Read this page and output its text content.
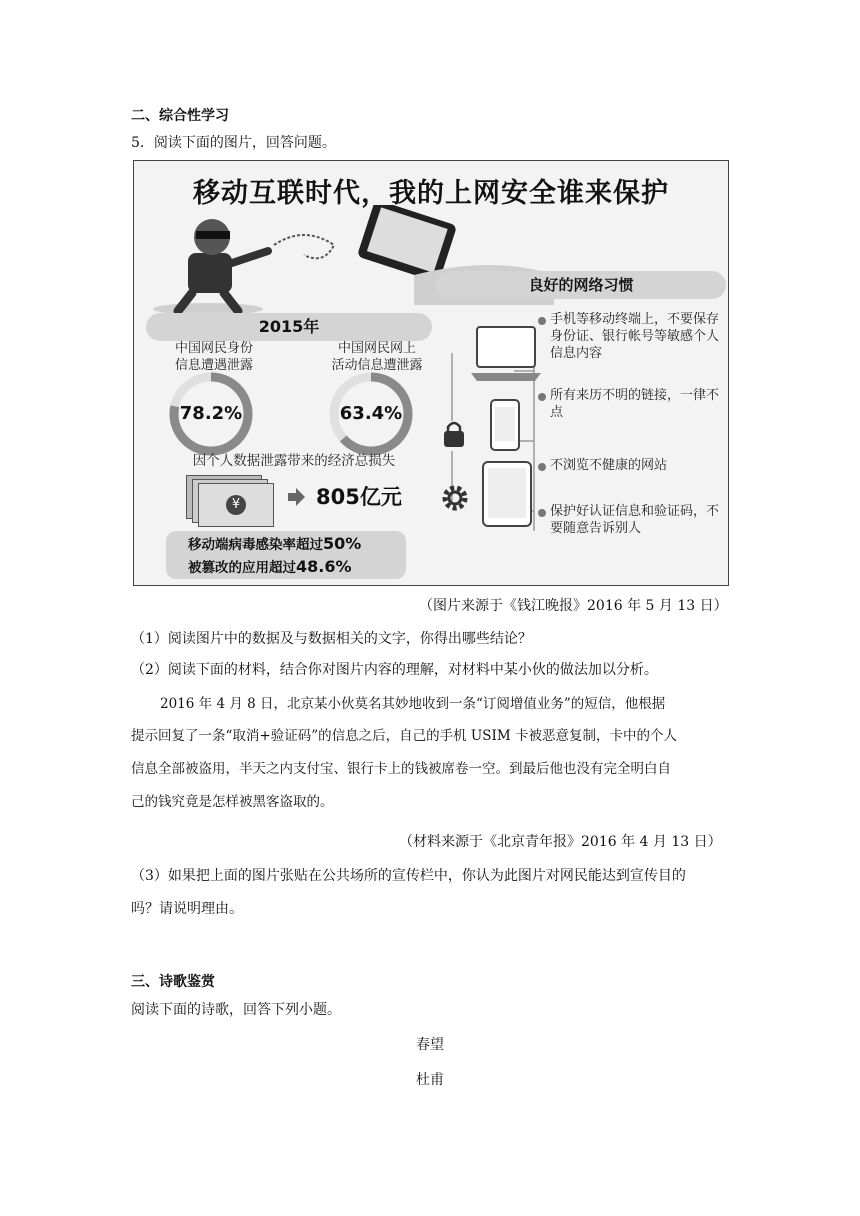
二、综合性学习
5．阅读下面的图片，回答问题。
移动互联时代，我的上网安全谁来保护
2015年
中国网民身份
信息遭遇泄露
中国网民网上
活动信息遭泄露
78.2%	63.4%
因个人数据泄露带来的经济总损失
¥	805亿元
移动端病毒感染率超过50%
被篡改的应用超过48.6%
良好的网络习惯
手机等移动终端上，不要保存身份证、银行帐号等敏感个人信息内容
所有来历不明的链接，一律不点
不浏览不健康的网站
保护好认证信息和验证码，不要随意告诉别人
（图片来源于《钱江晚报》2016 年 5 月 13 日）
（1）阅读图片中的数据及与数据相关的文字，你得出哪些结论？
（2）阅读下面的材料，结合你对图片内容的理解，对材料中某小伙的做法加以分析。
2016 年 4 月 8 日，北京某小伙莫名其妙地收到一条“订阅增值业务”的短信，他根据
提示回复了一条“取消+验证码”的信息之后，自己的手机 USIM 卡被恶意复制，卡中的个人
信息全部被盗用，半天之内支付宝、银行卡上的钱被席卷一空。到最后他也没有完全明白自
己的钱究竟是怎样被黑客盗取的。
（材料来源于《北京青年报》2016 年 4 月 13 日）
（3）如果把上面的图片张贴在公共场所的宣传栏中，你认为此图片对网民能达到宣传目的
吗？请说明理由。
三、诗歌鉴赏
阅读下面的诗歌，回答下列小题。
春望
杜甫
